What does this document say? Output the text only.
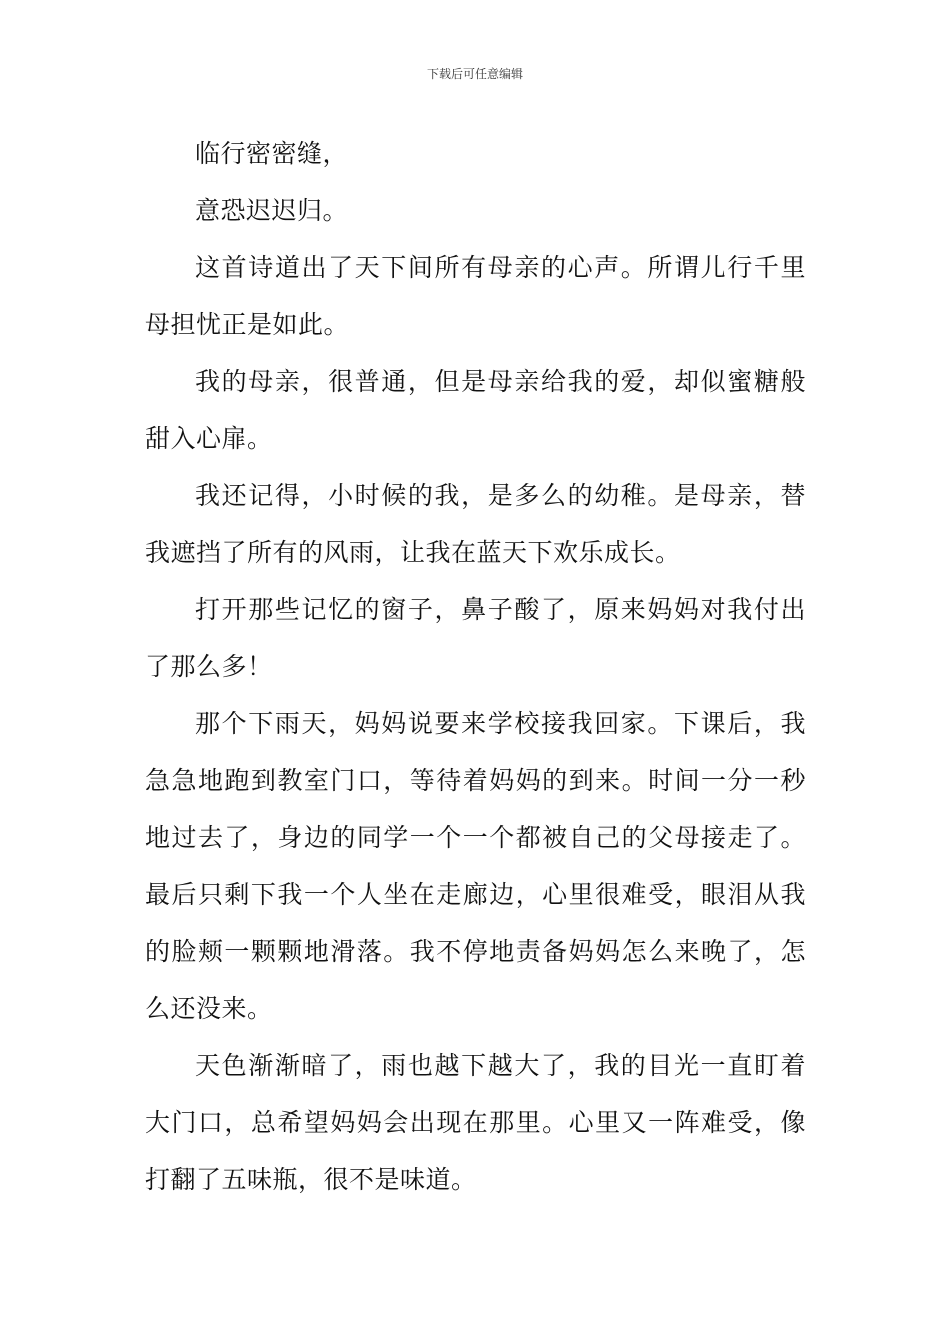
下载后可任意编辑

临行密密缝，

意恐迟迟归。

这首诗道出了天下间所有母亲的心声。所谓儿行千里母担忧正是如此。

我的母亲，很普通，但是母亲给我的爱，却似蜜糖般甜入心扉。

我还记得，小时候的我，是多么的幼稚。是母亲，替我遮挡了所有的风雨，让我在蓝天下欢乐成长。

打开那些记忆的窗子，鼻子酸了，原来妈妈对我付出了那么多！

那个下雨天，妈妈说要来学校接我回家。下课后，我急急地跑到教室门口，等待着妈妈的到来。时间一分一秒地过去了，身边的同学一个一个都被自己的父母接走了。最后只剩下我一个人坐在走廊边，心里很难受，眼泪从我的脸颊一颗颗地滑落。我不停地责备妈妈怎么来晚了，怎么还没来。

天色渐渐暗了，雨也越下越大了，我的目光一直盯着大门口，总希望妈妈会出现在那里。心里又一阵难受，像打翻了五味瓶，很不是味道。
